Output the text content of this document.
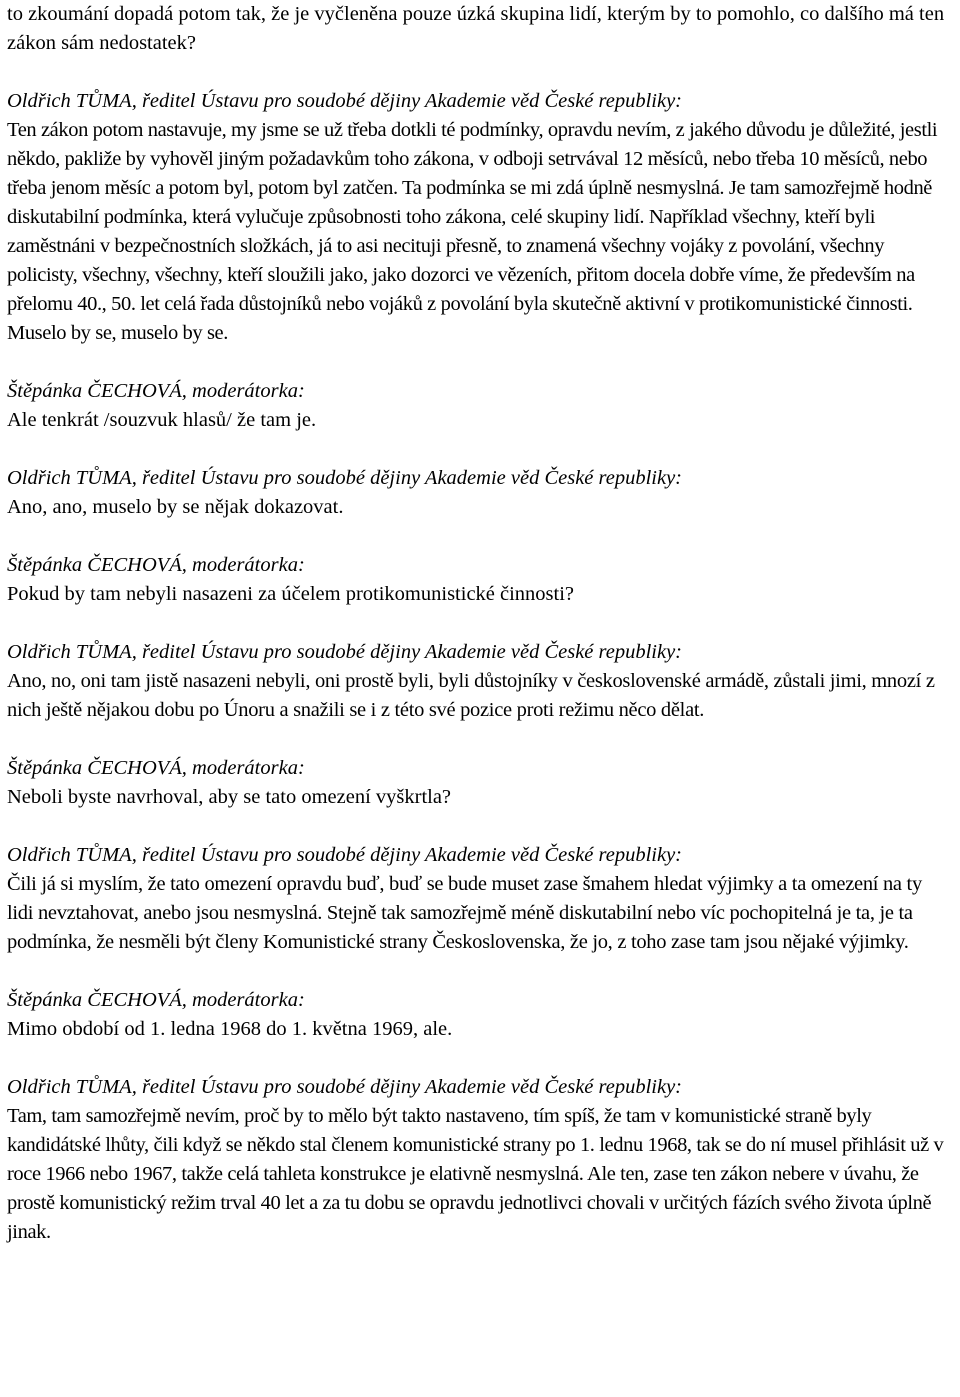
to zkoumání dopadá potom tak, že je vyčleněna pouze úzká skupina lidí, kterým by to pomohlo, co dalšího má ten zákon sám nedostatek?

Oldřich TŮMA, ředitel Ústavu pro soudobé dějiny Akademie věd České republiky:

Ten zákon potom nastavuje, my jsme se už třeba dotkli té podmínky, opravdu nevím, z jakého důvodu je důležité, jestli někdo, pakliže by vyhověl jiným požadavkům toho zákona, v odboji setrvával 12 měsíců, nebo třeba 10 měsíců, nebo třeba jenom měsíc a potom byl, potom byl zatčen. Ta podmínka se mi zdá úplně nesmyslná. Je tam samozřejmě hodně diskutabilní podmínka, která vylučuje způsobnosti toho zákona, celé skupiny lidí. Například všechny, kteří byli zaměstnáni v bezpečnostních složkách, já to asi necituji přesně, to znamená všechny vojáky z povolání, všechny policisty, všechny, všechny, kteří sloužili jako, jako dozorci ve vězeních, přitom docela dobře víme, že především na přelomu 40., 50. let celá řada důstojníků nebo vojáků z povolání byla skutečně aktivní v protikomunistické činnosti. Muselo by se, muselo by se.

Štěpánka ČECHOVÁ, moderátorka:

Ale tenkrát /souzvuk hlasů/ že tam je.

Oldřich TŮMA, ředitel Ústavu pro soudobé dějiny Akademie věd České republiky:

Ano, ano, muselo by se nějak dokazovat.

Štěpánka ČECHOVÁ, moderátorka:

Pokud by tam nebyli nasazeni za účelem protikomunistické činnosti?

Oldřich TŮMA, ředitel Ústavu pro soudobé dějiny Akademie věd České republiky:

Ano, no, oni tam jistě nasazeni nebyli, oni prostě byli, byli důstojníky v československé armádě, zůstali jimi, mnozí z nich ještě nějakou dobu po Únoru a snažili se i z této své pozice proti režimu něco dělat.

Štěpánka ČECHOVÁ, moderátorka:

Neboli byste navrhoval, aby se tato omezení vyškrtla?

Oldřich TŮMA, ředitel Ústavu pro soudobé dějiny Akademie věd České republiky:

Čili já si myslím, že tato omezení opravdu buď, buď se bude muset zase šmahem hledat výjimky a ta omezení na ty lidi nevztahovat, anebo jsou nesmyslná. Stejně tak samozřejmě méně diskutabilní nebo víc pochopitelná je ta, je ta podmínka, že nesměli být členy Komunistické strany Československa, že jo, z toho zase tam jsou nějaké výjimky.

Štěpánka ČECHOVÁ, moderátorka:

Mimo období od 1. ledna 1968 do 1. května 1969, ale.

Oldřich TŮMA, ředitel Ústavu pro soudobé dějiny Akademie věd České republiky:

Tam, tam samozřejmě nevím, proč by to mělo být takto nastaveno, tím spíš, že tam v komunistické straně byly kandidátské lhůty, čili když se někdo stal členem komunistické strany po 1. lednu 1968, tak se do ní musel přihlásit už v roce 1966 nebo 1967, takže celá tahleta konstrukce je elativně nesmyslná. Ale ten, zase ten zákon nebere v úvahu, že prostě komunistický režim trval 40 let a za tu dobu se opravdu jednotlivci chovali v určitých fázích svého života úplně jinak.
